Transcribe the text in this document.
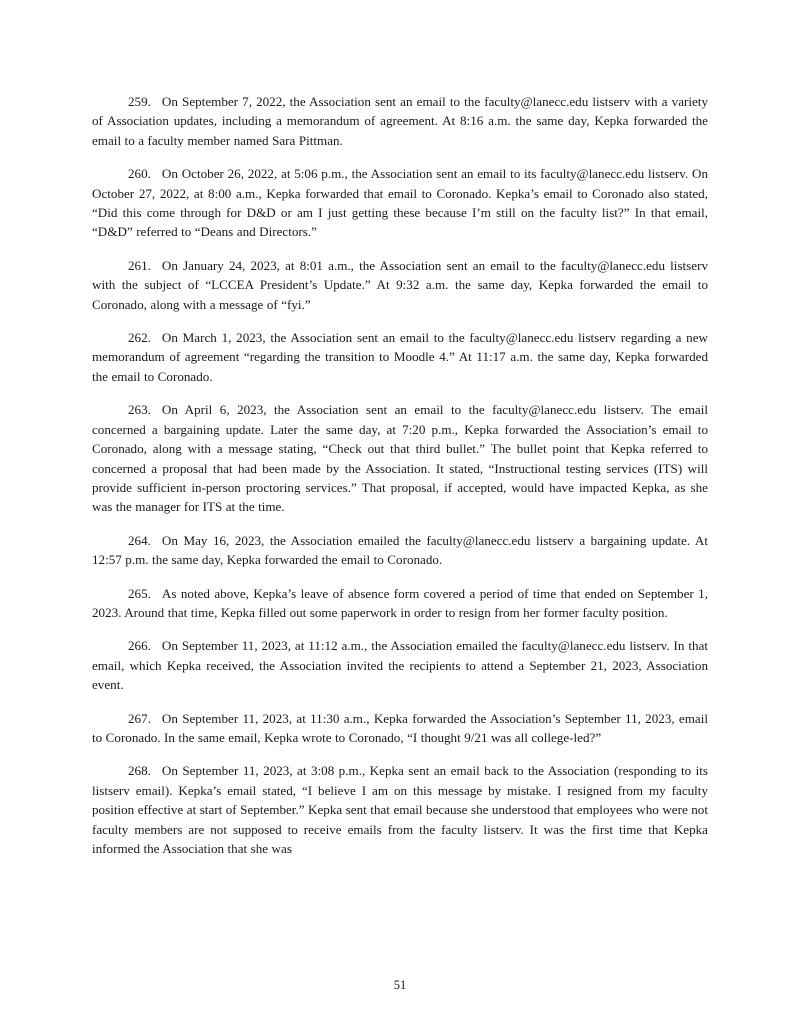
259. On September 7, 2022, the Association sent an email to the faculty@lanecc.edu listserv with a variety of Association updates, including a memorandum of agreement. At 8:16 a.m. the same day, Kepka forwarded the email to a faculty member named Sara Pittman.

260. On October 26, 2022, at 5:06 p.m., the Association sent an email to its faculty@lanecc.edu listserv. On October 27, 2022, at 8:00 a.m., Kepka forwarded that email to Coronado. Kepka’s email to Coronado also stated, “Did this come through for D&D or am I just getting these because I’m still on the faculty list?” In that email, “D&D” referred to “Deans and Directors.”

261. On January 24, 2023, at 8:01 a.m., the Association sent an email to the faculty@lanecc.edu listserv with the subject of “LCCEA President’s Update.” At 9:32 a.m. the same day, Kepka forwarded the email to Coronado, along with a message of “fyi.”

262. On March 1, 2023, the Association sent an email to the faculty@lanecc.edu listserv regarding a new memorandum of agreement “regarding the transition to Moodle 4.” At 11:17 a.m. the same day, Kepka forwarded the email to Coronado.

263. On April 6, 2023, the Association sent an email to the faculty@lanecc.edu listserv. The email concerned a bargaining update. Later the same day, at 7:20 p.m., Kepka forwarded the Association’s email to Coronado, along with a message stating, “Check out that third bullet.” The bullet point that Kepka referred to concerned a proposal that had been made by the Association. It stated, “Instructional testing services (ITS) will provide sufficient in-person proctoring services.” That proposal, if accepted, would have impacted Kepka, as she was the manager for ITS at the time.

264. On May 16, 2023, the Association emailed the faculty@lanecc.edu listserv a bargaining update. At 12:57 p.m. the same day, Kepka forwarded the email to Coronado.

265. As noted above, Kepka’s leave of absence form covered a period of time that ended on September 1, 2023. Around that time, Kepka filled out some paperwork in order to resign from her former faculty position.

266. On September 11, 2023, at 11:12 a.m., the Association emailed the faculty@lanecc.edu listserv. In that email, which Kepka received, the Association invited the recipients to attend a September 21, 2023, Association event.

267. On September 11, 2023, at 11:30 a.m., Kepka forwarded the Association’s September 11, 2023, email to Coronado. In the same email, Kepka wrote to Coronado, “I thought 9/21 was all college-led?”

268. On September 11, 2023, at 3:08 p.m., Kepka sent an email back to the Association (responding to its listserv email). Kepka’s email stated, “I believe I am on this message by mistake. I resigned from my faculty position effective at start of September.” Kepka sent that email because she understood that employees who were not faculty members are not supposed to receive emails from the faculty listserv. It was the first time that Kepka informed the Association that she was

51
